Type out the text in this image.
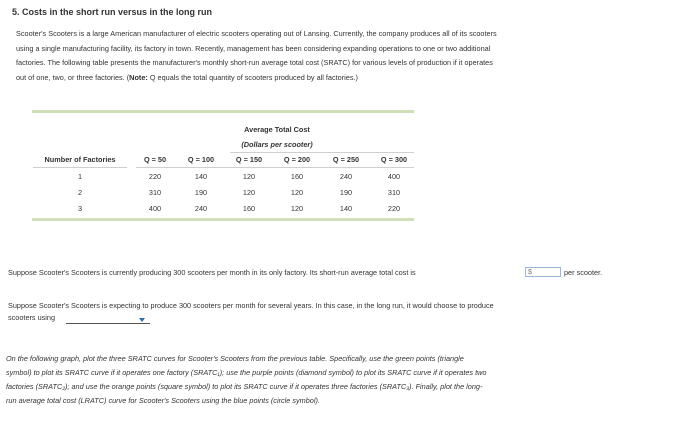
5. Costs in the short run versus in the long run
Scooter's Scooters is a large American manufacturer of electric scooters operating out of Lansing. Currently, the company produces all of its scooters
using a single manufacturing facility, its factory in town. Recently, management has been considering expanding operations to one or two additional
factories. The following table presents the manufacturer's monthly short-run average total cost (SRATC) for various levels of production if it operates
out of one, two, or three factories. (Note: Q equals the total quantity of scooters produced by all factories.)
Average Total Cost
(Dollars per scooter)
Number of Factories	Q = 50	Q = 100	Q = 150	Q = 200	Q = 250	Q = 300
1	220	140	120	160	240	400
2	310	190	120	120	190	310
3	400	240	160	120	140	220
Suppose Scooter's Scooters is currently producing 300 scooters per month in its only factory. Its short-run average total cost is	$	per scooter.
Suppose Scooter's Scooters is expecting to produce 300 scooters per month for several years. In this case, in the long run, it would choose to produce
scooters using
On the following graph, plot the three SRATC curves for Scooter's Scooters from the previous table. Specifically, use the green points (triangle
symbol) to plot its SRATC curve if it operates one factory (SRATC₁); use the purple points (diamond symbol) to plot its SRATC curve if it operates two
factories (SRATC₂); and use the orange points (square symbol) to plot its SRATC curve if it operates three factories (SRATC₃). Finally, plot the long-
run average total cost (LRATC) curve for Scooter's Scooters using the blue points (circle symbol).
